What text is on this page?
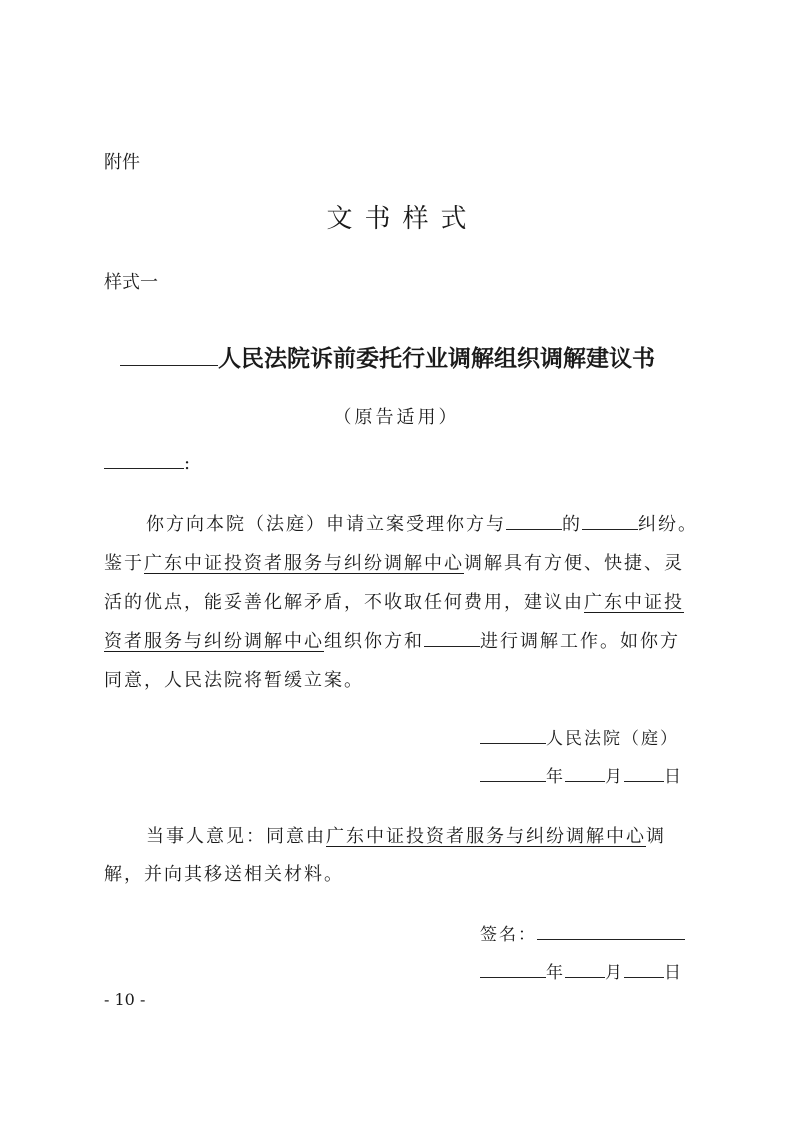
附件
文书样式
样式一
人民法院诉前委托行业调解组织调解建议书
（原告适用）
:
你方向本院（法庭）申请立案受理你方与	的	纠纷。
鉴于广东中证投资者服务与纠纷调解中心调解具有方便、快捷、灵
活的优点，能妥善化解矛盾，不收取任何费用，建议由广东中证投
资者服务与纠纷调解中心组织你方和	进行调解工作。如你方
同意，人民法院将暂缓立案。
人民法院（庭）
年 月 日
当事人意见：同意由广东中证投资者服务与纠纷调解中心调
解，并向其移送相关材料。
签名：
年 月 日
- 10 -
